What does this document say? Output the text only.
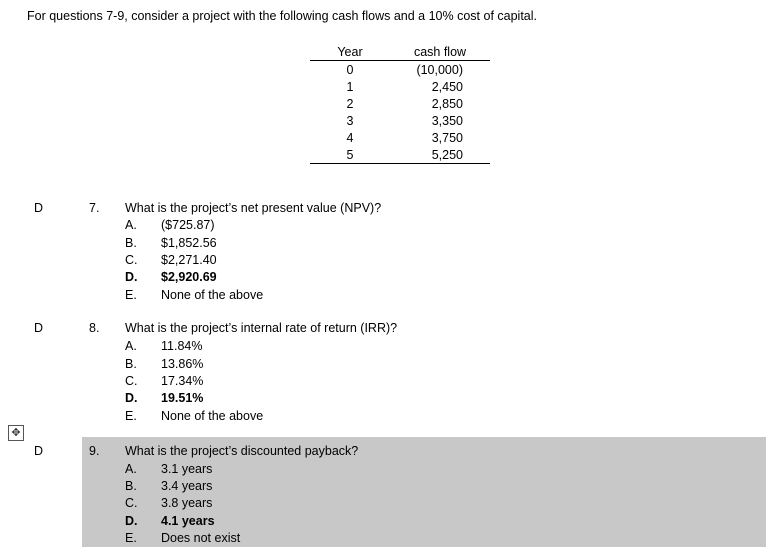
For questions 7-9, consider a project with the following cash flows and a 10% cost of capital.
Year	cash flow
0	(10,000)
1	2,450
2	2,850
3	3,350
4	3,750
5	5,250
D	7. What is the project’s net present value (NPV)?
A.	($725.87)
B.	$1,852.56
C.	$2,271.40
D.	$2,920.69
E.	None of the above
D	8. What is the project’s internal rate of return (IRR)?
A.	11.84%
B.	13.86%
C.	17.34%
D.	19.51%
E.	None of the above
✥
D	9. What is the project’s discounted payback?
A.	3.1 years
B.	3.4 years
C.	3.8 years
D.	4.1 years
E.	Does not exist
